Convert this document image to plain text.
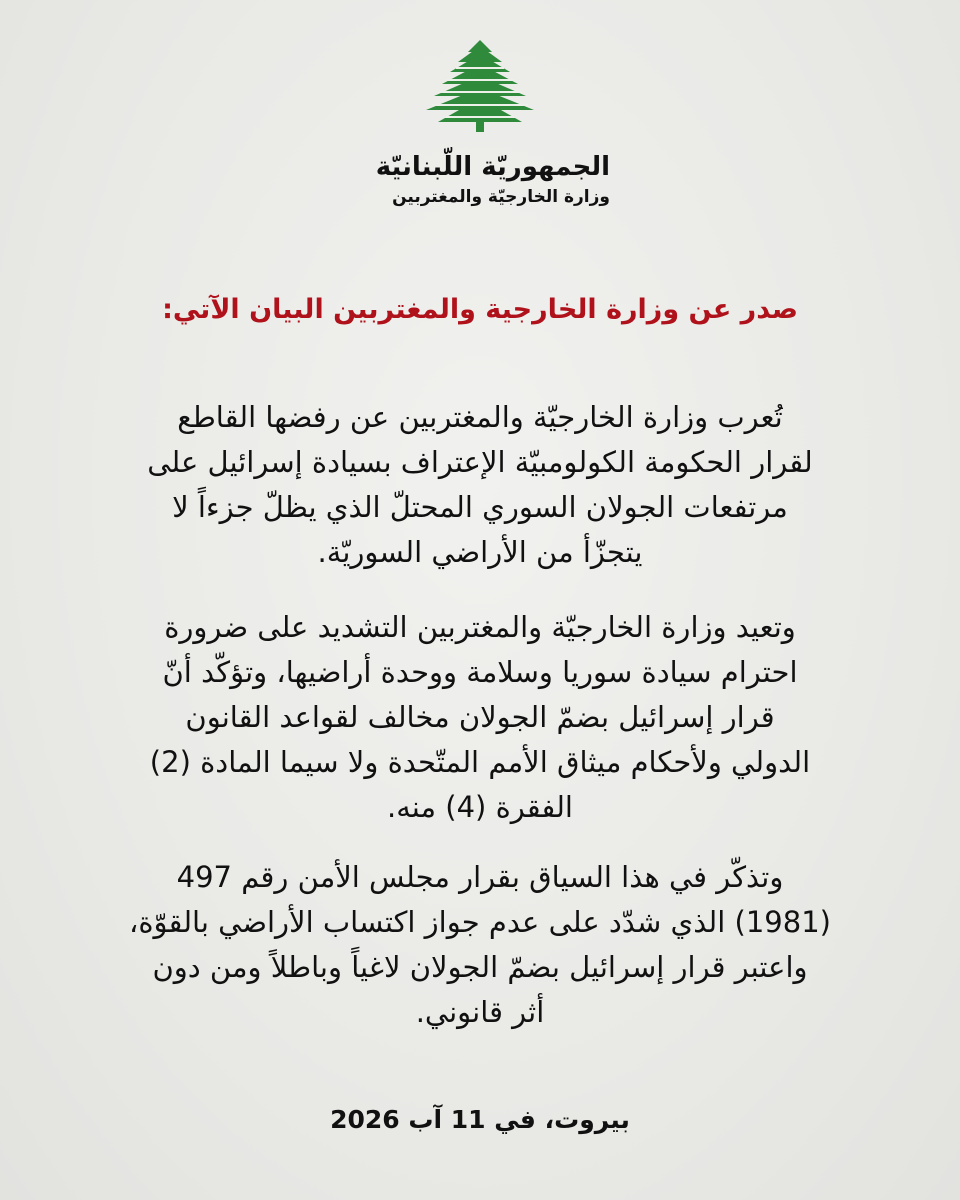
الجمهوريّة اللّبنانيّة

وزارة الخارجيّة والمغتربين

صدر عن وزارة الخارجية والمغتربين البيان الآتي:
تُعرب وزارة الخارجيّة والمغتربين عن رفضها القاطع
لقرار الحكومة الكولومبيّة الإعتراف بسيادة إسرائيل على
مرتفعات الجولان السوري المحتلّ الذي يظلّ جزءاً لا
يتجزّأ من الأراضي السوريّة.
وتعيد وزارة الخارجيّة والمغتربين التشديد على ضرورة
احترام سيادة سوريا وسلامة ووحدة أراضيها، وتؤكّد أنّ
قرار إسرائيل بضمّ الجولان مخالف لقواعد القانون
الدولي ولأحكام ميثاق الأمم المتّحدة ولا سيما المادة (2)
الفقرة (4) منه.
وتذكّر في هذا السياق بقرار مجلس الأمن رقم 497
(1981) الذي شدّد على عدم جواز اكتساب الأراضي بالقوّة،
واعتبر قرار إسرائيل بضمّ الجولان لاغياً وباطلاً ومن دون
أثر قانوني.
بيروت، في 11 آب 2026
